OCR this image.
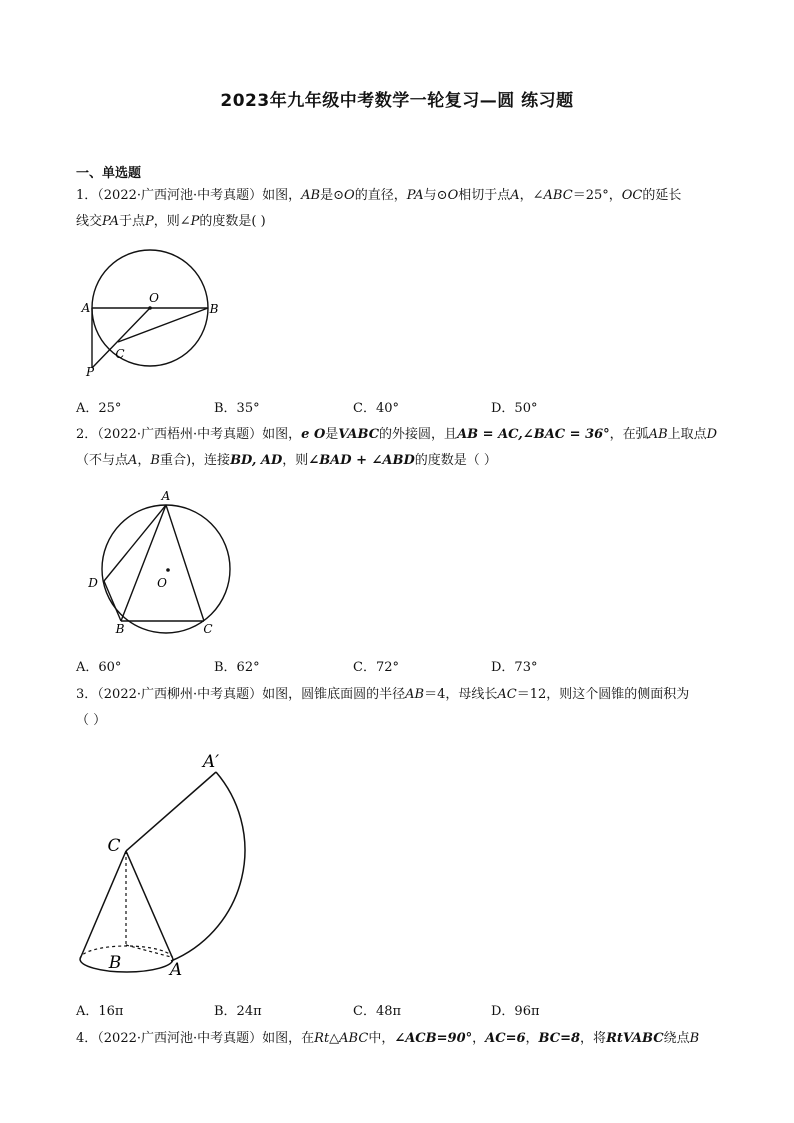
2023年九年级中考数学一轮复习—圆 练习题
一、单选题
1．（2022·广西河池·中考真题）如图，AB是⊙O的直径，PA与⊙O相切于点A，∠ABC＝25°，OC的延长
线交PA于点P，则∠P的度数是( )
A
O
B
C
P
A．25°	B．35°	C．40°	D．50°
2．（2022·广西梧州·中考真题）如图，e O是VABC的外接圆，且AB = AC,∠BAC = 36°，在弧AB上取点D
（不与点A，B重合)，连接BD, AD，则∠BAD + ∠ABD的度数是（ ）
A
D	O
B	C
A．60°	B．62°	C．72°	D．73°
3．（2022·广西柳州·中考真题）如图，圆锥底面圆的半径AB＝4，母线长AC＝12，则这个圆锥的侧面积为
（ ）
A′
C
B	A
A．16π	B．24π	C．48π	D．96π
4．（2022·广西河池·中考真题）如图，在Rt△ABC中，∠ACB=90°，AC=6，BC=8，将RtVABC绕点B
